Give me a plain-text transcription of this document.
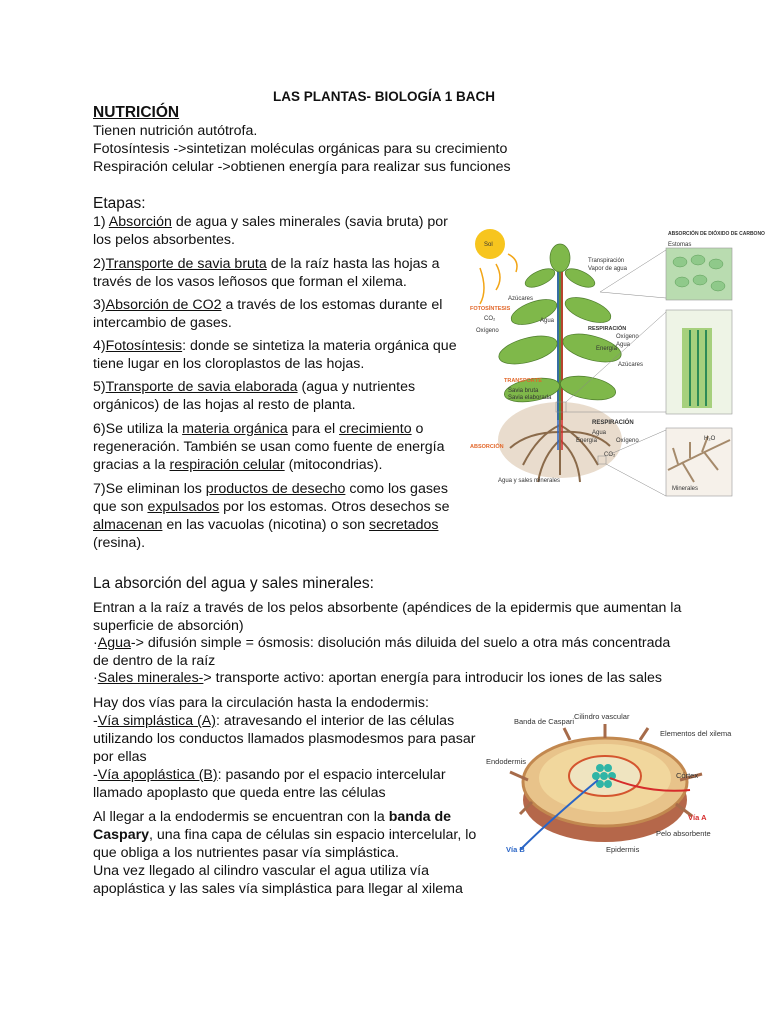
LAS PLANTAS- BIOLOGÍA 1 BACH
NUTRICIÓN

Tienen nutrición autótrofa.

Fotosíntesis ->sintetizan moléculas orgánicas para su crecimiento

Respiración celular ->obtienen energía para realizar sus funciones

Etapas:
1) Absorción de agua y sales minerales (savia bruta) por los pelos absorbentes.
2)Transporte de savia bruta de la raíz hasta las hojas a través de los vasos leñosos que forman el xilema.
3)Absorción de CO2 a través de los estomas durante el intercambio de gases.
4)Fotosíntesis: donde se sintetiza la materia orgánica que tiene lugar en los cloroplastos de las hojas.
5)Transporte de savia elaborada (agua y nutrientes orgánicos) de las hojas al resto de planta.
6)Se utiliza la materia orgánica para el crecimiento o regeneración. También se usan como fuente de energía gracias a la respiración celular (mitocondrias).
7)Se eliminan los productos de desecho como los gases que son expulsados por los estomas. Otros desechos se almacenan en las vacuolas (nicotina) o son secretados (resina).
Sol
Transpiración
Vapor de agua
FOTOSÍNTESIS
Azúcares
CO₂
Oxígeno
Agua
RESPIRACIÓN
Oxígeno
Agua
Energía
Azúcares
TRANSPORTE
Savia bruta
Savia elaborada
ABSORCIÓN
Agua y sales minerales
RESPIRACIÓN
Agua
Energía	Oxígeno
CO₂
ABSORCIÓN DE DIÓXIDO DE CARBONO
Estomas
H₂O
Minerales
La absorción del agua y sales minerales:
Entran a la raíz a través de los pelos absorbente (apéndices de la epidermis que aumentan la superficie de absorción)
·Agua-> difusión simple = ósmosis: disolución más diluida del suelo a otra más concentrada de dentro de la raíz
·Sales minerales-> transporte activo: aportan energía para introducir los iones de las sales

Hay dos vías para la circulación hasta la endodermis:

-Vía simplástica (A): atravesando el interior de las células utilizando los conductos llamados plasmodesmos para pasar por ellas

-Vía apoplástica (B): pasando por el espacio intercelular llamado apoplasto que queda entre las células

Al llegar a la endodermis se encuentran con la banda de Caspary, una fina capa de células sin espacio intercelular, lo que obliga a los nutrientes pasar vía simplástica.

Una vez llegado al cilindro vascular el agua utiliza vía apoplástica y las sales vía simplástica para llegar al xilema

Banda de Caspari
Cilindro vascular
Elementos del xilema
Endodermis
Córtex
Vía A
Pelo absorbente
Epidermis
Vía B
